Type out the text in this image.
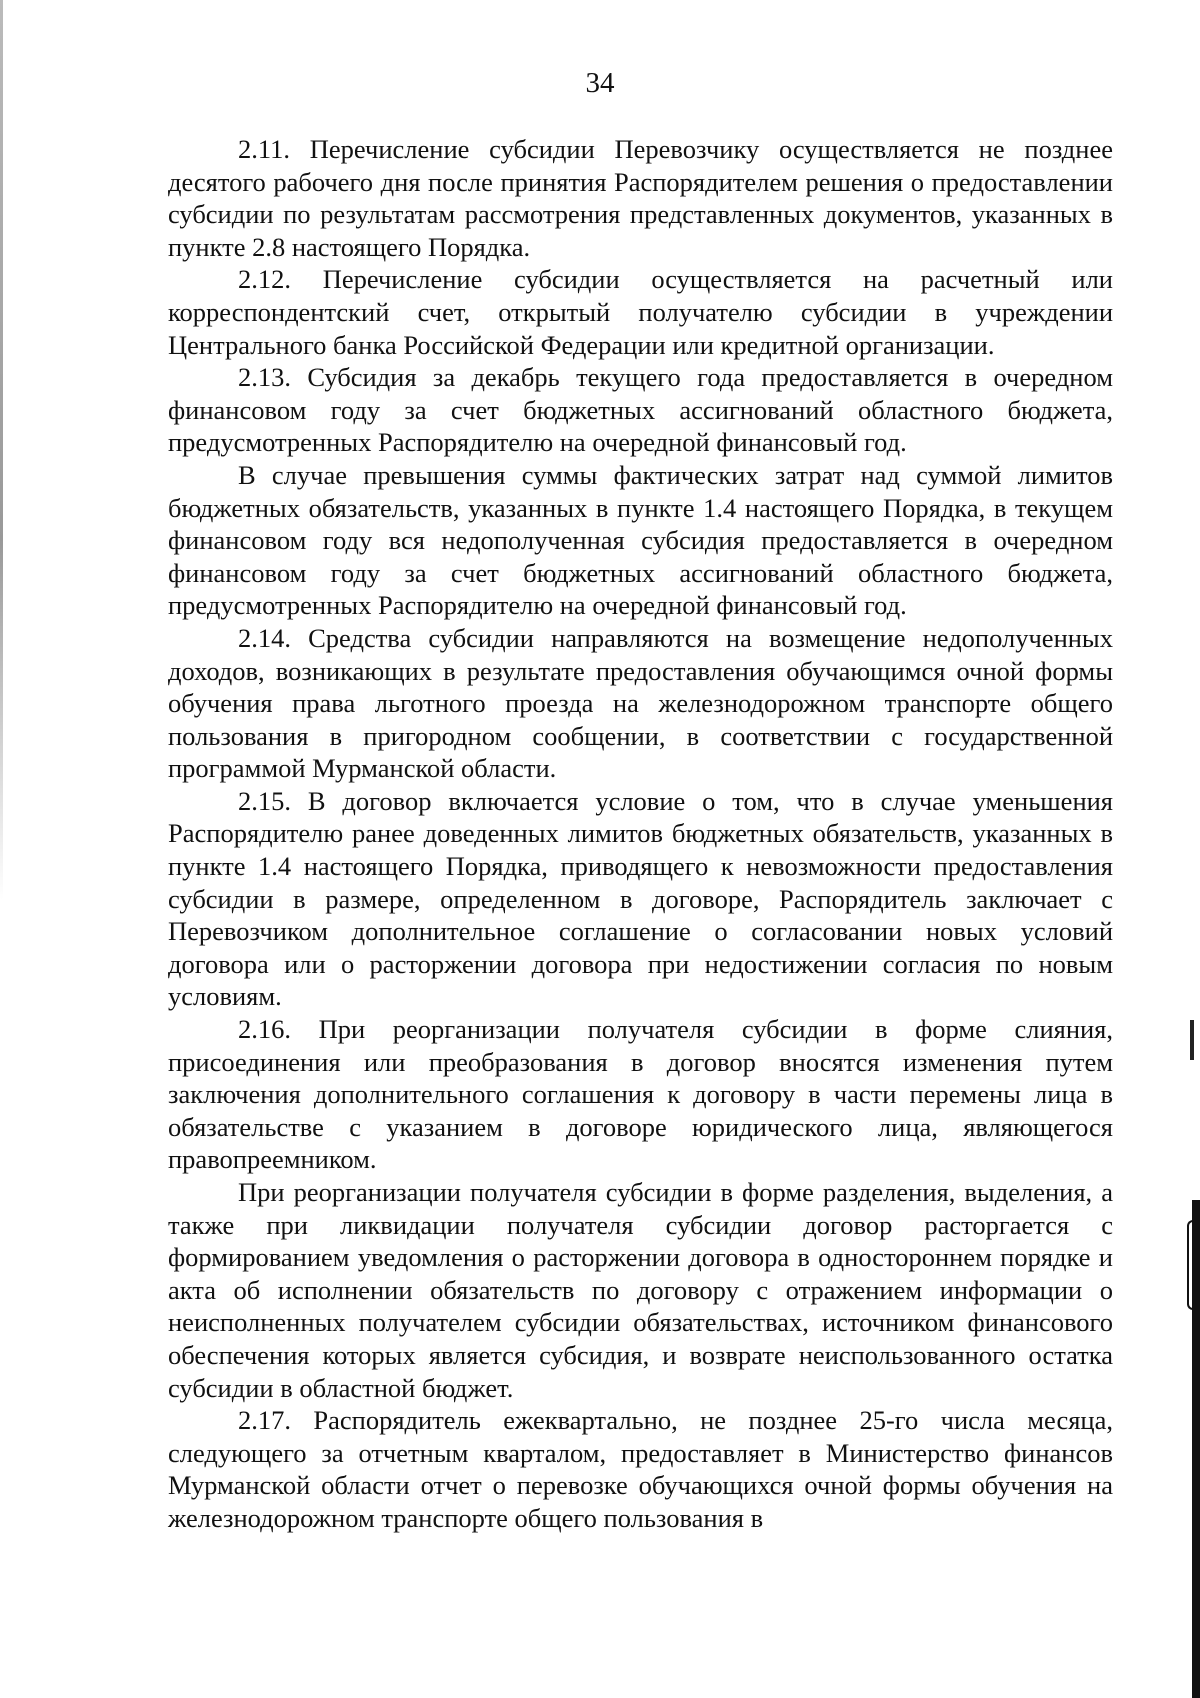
34

2.11. Перечисление субсидии Перевозчику осуществляется не позднее десятого рабочего дня после принятия Распорядителем решения о предоставлении субсидии по результатам рассмотрения представленных документов, указанных в пункте 2.8 настоящего Порядка.

2.12. Перечисление субсидии осуществляется на расчетный или корреспондентский счет, открытый получателю субсидии в учреждении Центрального банка Российской Федерации или кредитной организации.

2.13. Субсидия за декабрь текущего года предоставляется в очередном финансовом году за счет бюджетных ассигнований областного бюджета, предусмотренных Распорядителю на очередной финансовый год.

В случае превышения суммы фактических затрат над суммой лимитов бюджетных обязательств, указанных в пункте 1.4 настоящего Порядка, в текущем финансовом году вся недополученная субсидия предоставляется в очередном финансовом году за счет бюджетных ассигнований областного бюджета, предусмотренных Распорядителю на очередной финансовый год.

2.14. Средства субсидии направляются на возмещение недополученных доходов, возникающих в результате предоставления обучающимся очной формы обучения права льготного проезда на железнодорожном транспорте общего пользования в пригородном сообщении, в соответствии с государственной программой Мурманской области.

2.15. В договор включается условие о том, что в случае уменьшения Распорядителю ранее доведенных лимитов бюджетных обязательств, указанных в пункте 1.4 настоящего Порядка, приводящего к невозможности предоставления субсидии в размере, определенном в договоре, Распорядитель заключает с Перевозчиком дополнительное соглашение о согласовании новых условий договора или о расторжении договора при недостижении согласия по новым условиям.

2.16. При реорганизации получателя субсидии в форме слияния, присоединения или преобразования в договор вносятся изменения путем заключения дополнительного соглашения к договору в части перемены лица в обязательстве с указанием в договоре юридического лица, являющегося правопреемником.

При реорганизации получателя субсидии в форме разделения, выделения, а также при ликвидации получателя субсидии договор расторгается с формированием уведомления о расторжении договора в одностороннем порядке и акта об исполнении обязательств по договору с отражением информации о неисполненных получателем субсидии обязательствах, источником финансового обеспечения которых является субсидия, и возврате неиспользованного остатка субсидии в областной бюджет.

2.17. Распорядитель ежеквартально, не позднее 25-го числа месяца, следующего за отчетным кварталом, предоставляет в Министерство финансов Мурманской области отчет о перевозке обучающихся очной формы обучения на железнодорожном транспорте общего пользования в
